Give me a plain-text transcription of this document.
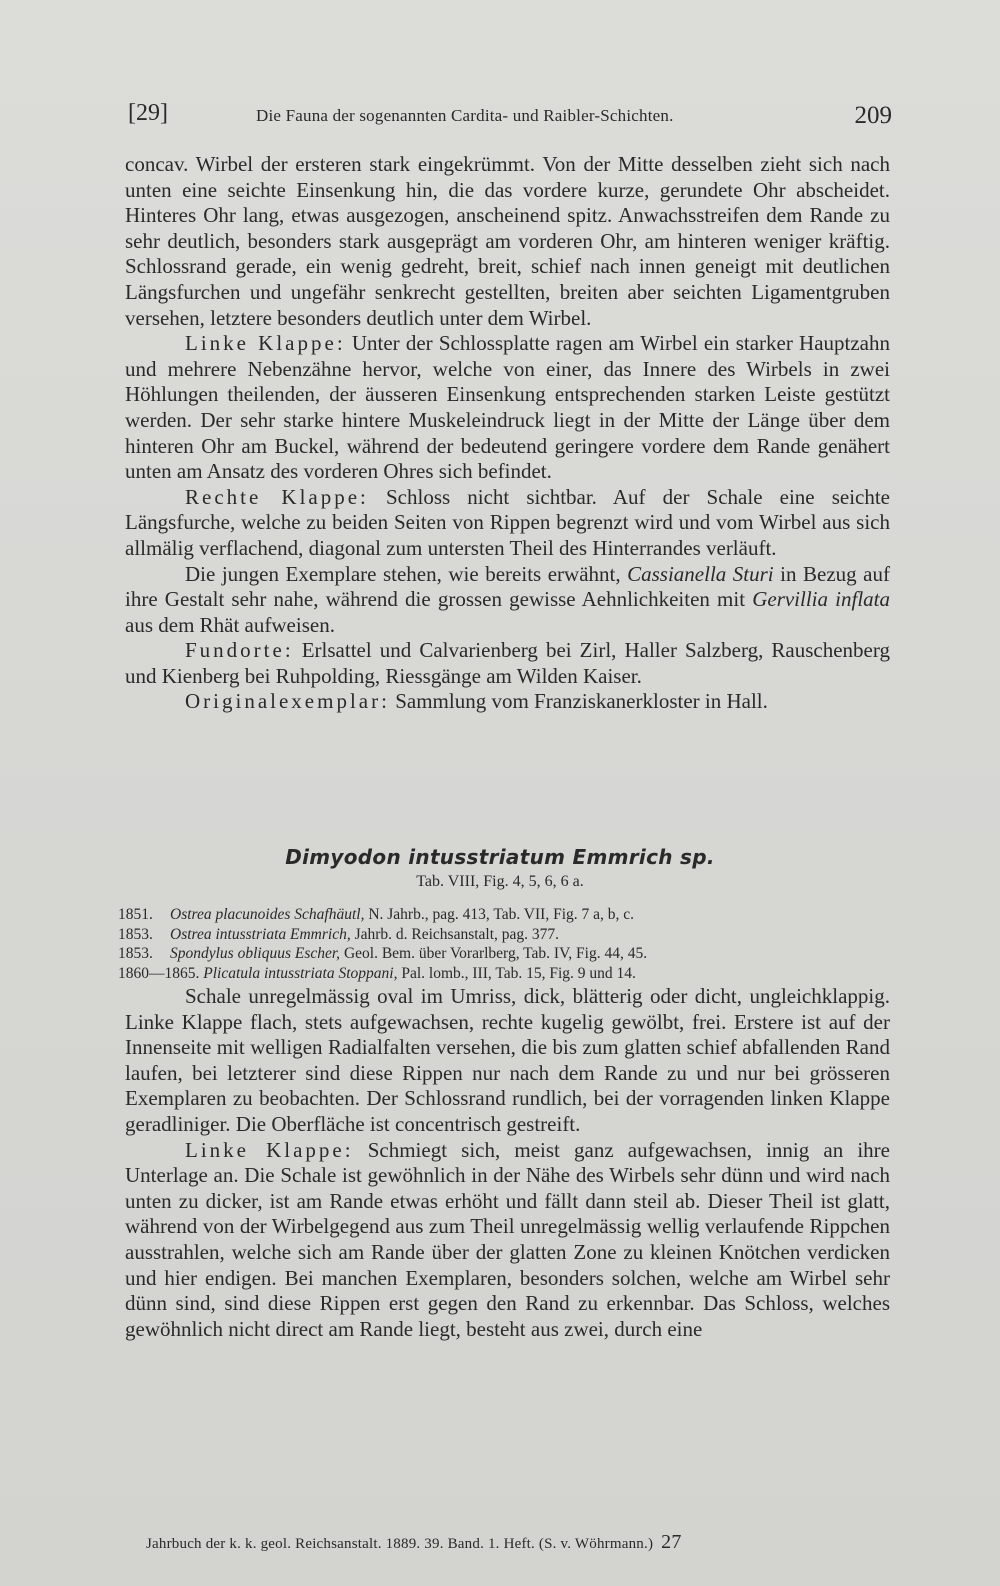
[29]	Die Fauna der sogenannten Cardita- und Raibler-Schichten.	209

concav. Wirbel der ersteren stark eingekrümmt. Von der Mitte desselben zieht sich nach unten eine seichte Einsenkung hin, die das vordere kurze, gerundete Ohr abscheidet. Hinteres Ohr lang, etwas ausgezogen, anscheinend spitz. Anwachsstreifen dem Rande zu sehr deutlich, besonders stark ausgeprägt am vorderen Ohr, am hinteren weniger kräftig. Schlossrand gerade, ein wenig gedreht, breit, schief nach innen geneigt mit deutlichen Längsfurchen und ungefähr senkrecht gestellten, breiten aber seichten Ligamentgruben versehen, letztere besonders deutlich unter dem Wirbel.

Linke Klappe: Unter der Schlossplatte ragen am Wirbel ein starker Hauptzahn und mehrere Nebenzähne hervor, welche von einer, das Innere des Wirbels in zwei Höhlungen theilenden, der äusseren Einsenkung entsprechenden starken Leiste gestützt werden. Der sehr starke hintere Muskeleindruck liegt in der Mitte der Länge über dem hinteren Ohr am Buckel, während der bedeutend geringere vordere dem Rande genähert unten am Ansatz des vorderen Ohres sich befindet.

Rechte Klappe: Schloss nicht sichtbar. Auf der Schale eine seichte Längsfurche, welche zu beiden Seiten von Rippen begrenzt wird und vom Wirbel aus sich allmälig verflachend, diagonal zum untersten Theil des Hinterrandes verläuft.

Die jungen Exemplare stehen, wie bereits erwähnt, Cassianella Sturi in Bezug auf ihre Gestalt sehr nahe, während die grossen gewisse Aehnlichkeiten mit Gervillia inflata aus dem Rhät aufweisen.

Fundorte: Erlsattel und Calvarienberg bei Zirl, Haller Salzberg, Rauschenberg und Kienberg bei Ruhpolding, Riessgänge am Wilden Kaiser.

Originalexemplar: Sammlung vom Franziskanerkloster in Hall.

Dimyodon intusstriatum Emmrich sp.
Tab. VIII, Fig. 4, 5, 6, 6 a.
1851. Ostrea placunoides Schafhäutl, N. Jahrb., pag. 413, Tab. VII, Fig. 7 a, b, c.
1853. Ostrea intusstriata Emmrich, Jahrb. d. Reichsanstalt, pag. 377.
1853. Spondylus obliquus Escher, Geol. Bem. über Vorarlberg, Tab. IV, Fig. 44, 45.
1860—1865. Plicatula intusstriata Stoppani, Pal. lomb., III, Tab. 15, Fig. 9 und 14.

Schale unregelmässig oval im Umriss, dick, blätterig oder dicht, ungleichklappig. Linke Klappe flach, stets aufgewachsen, rechte kugelig gewölbt, frei. Erstere ist auf der Innenseite mit welligen Radialfalten versehen, die bis zum glatten schief abfallenden Rand laufen, bei letzterer sind diese Rippen nur nach dem Rande zu und nur bei grösseren Exemplaren zu beobachten. Der Schlossrand rundlich, bei der vorragenden linken Klappe geradliniger. Die Oberfläche ist concentrisch gestreift.

Linke Klappe: Schmiegt sich, meist ganz aufgewachsen, innig an ihre Unterlage an. Die Schale ist gewöhnlich in der Nähe des Wirbels sehr dünn und wird nach unten zu dicker, ist am Rande etwas erhöht und fällt dann steil ab. Dieser Theil ist glatt, während von der Wirbelgegend aus zum Theil unregelmässig wellig verlaufende Rippchen ausstrahlen, welche sich am Rande über der glatten Zone zu kleinen Knötchen verdicken und hier endigen. Bei manchen Exemplaren, besonders solchen, welche am Wirbel sehr dünn sind, sind diese Rippen erst gegen den Rand zu erkennbar. Das Schloss, welches gewöhnlich nicht direct am Rande liegt, besteht aus zwei, durch eine

Jahrbuch der k. k. geol. Reichsanstalt. 1889. 39. Band. 1. Heft. (S. v. Wöhrmann.) 27
